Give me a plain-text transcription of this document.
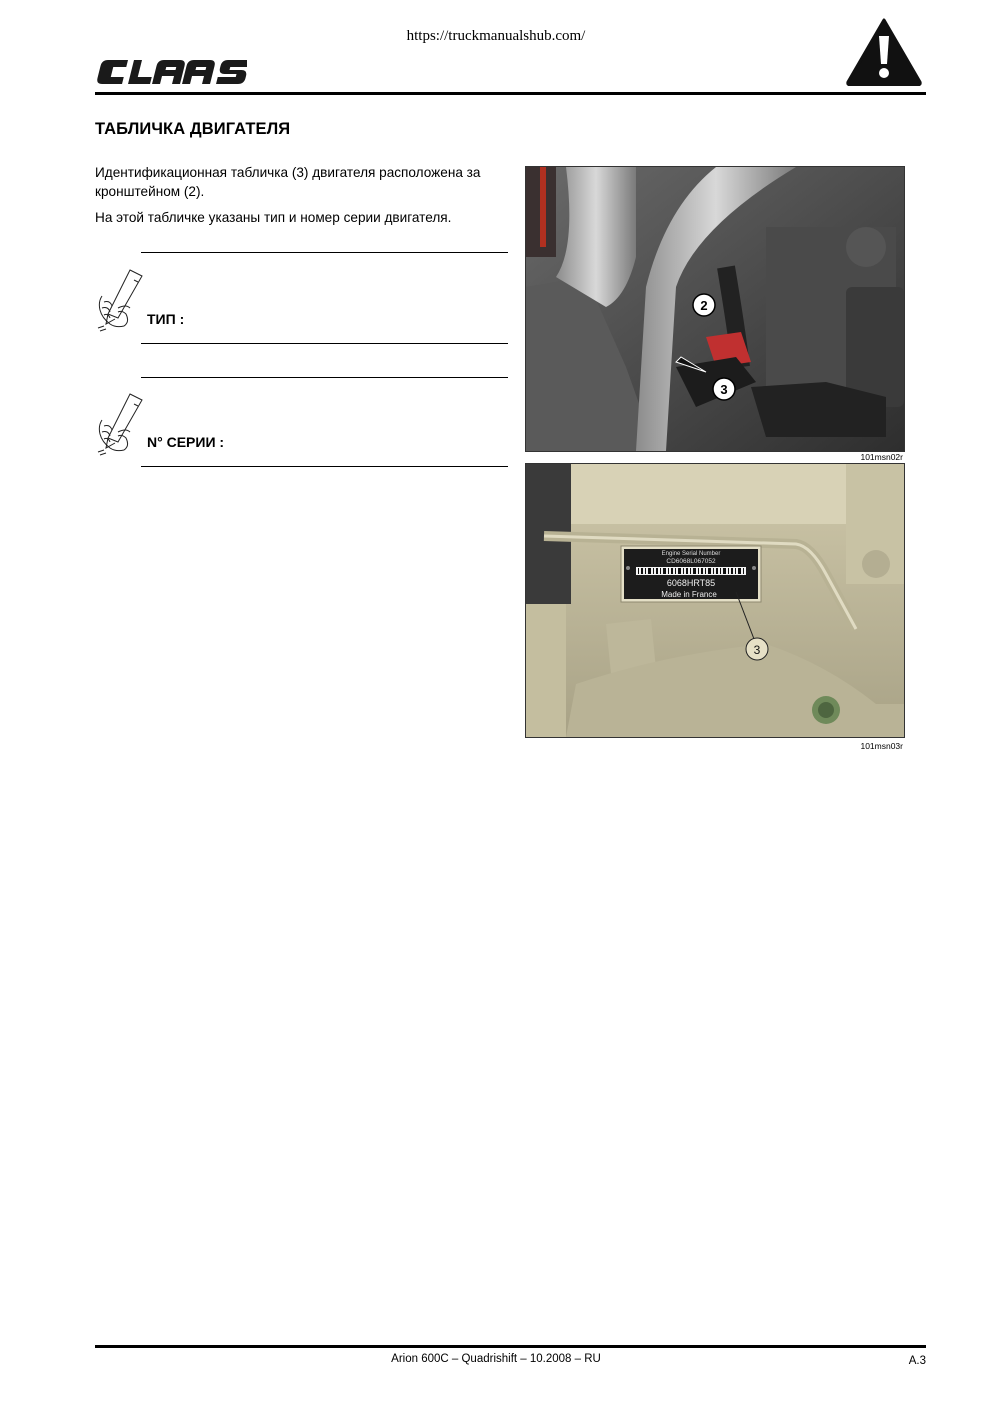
https://truckmanualshub.com/
ТАБЛИЧКА ДВИГАТЕЛЯ
Идентификационная табличка (3) двигателя расположена за кронштейном (2).
На этой табличке указаны тип и номер серии двигателя.
ТИП :
N° СЕРИИ :
2
3
101msn02r
Engine Serial Number
CD6068L067052
6068HRT85
Made in France
3
101msn03r
Arion 600C – Quadrishift – 10.2008 – RU	A.3
